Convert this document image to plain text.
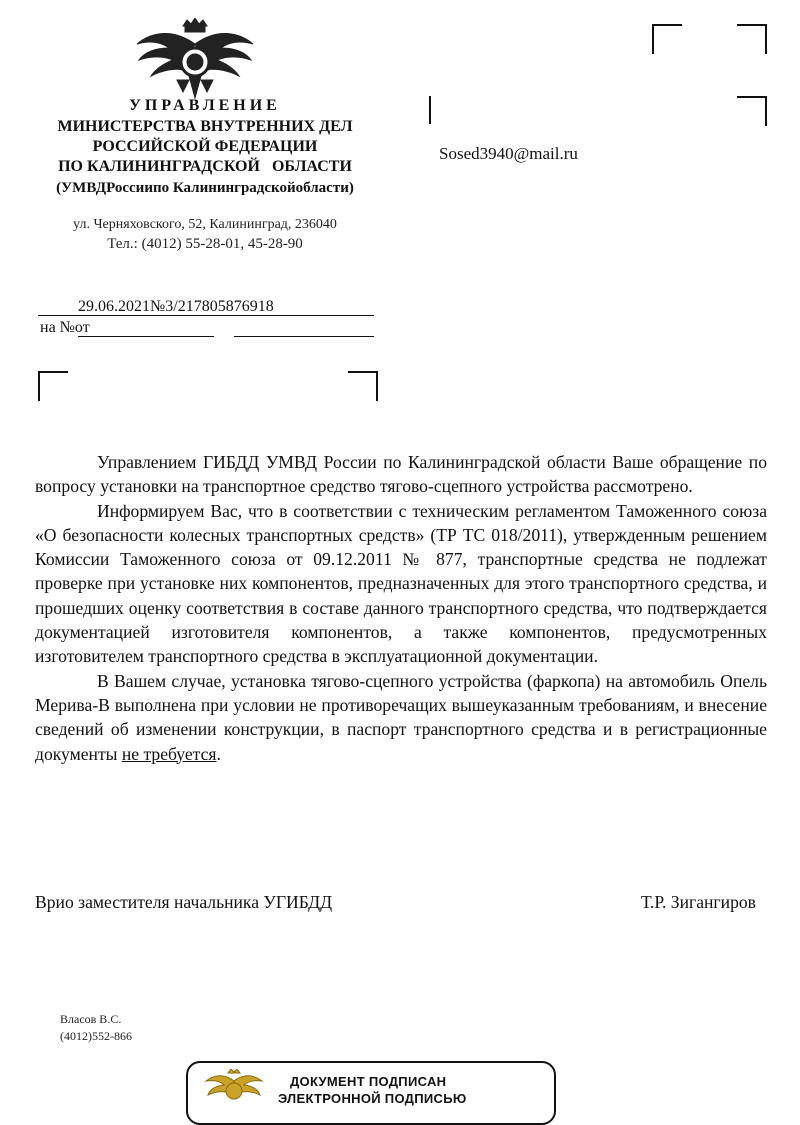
УПРАВЛЕНИЕ
МИНИСТЕРСТВА ВНУТРЕННИХ ДЕЛ
РОССИЙСКОЙ ФЕДЕРАЦИИ
ПО КАЛИНИНГРАДСКОЙ   ОБЛАСТИ
(УМВДРоссиипо Калининградскойобласти)
ул. Черняховского, 52, Калининград, 236040
Тел.: (4012) 55-28-01, 45-28-90
Sosed3940@mail.ru
29.06.2021№3/217805876918
на №от

Управлением ГИБДД УМВД России по Калининградской области Ваше обращение по вопросу установки на транспортное средство тягово-сцепного устройства рассмотрено.

Информируем Вас, что в соответствии с техническим регламентом Таможенного союза «О безопасности колесных транспортных средств» (ТР ТС 018/2011), утвержденным решением Комиссии Таможенного союза от 09.12.2011 № 877, транспортные средства не подлежат проверке при установке них компонентов, предназначенных для этого транспортного средства, и прошедших оценку соответствия в составе данного транспортного средства, что подтверждается документацией изготовителя компонентов, а также компонентов, предусмотренных изготовителем транспортного средства в эксплуатационной документации.

В Вашем случае, установка тягово-сцепного устройства (фаркопа) на автомобиль Опель Мерива-В выполнена при условии не противоречащих вышеуказанным требованиям, и внесение сведений об изменении конструкции, в паспорт транспортного средства и в регистрационные документы не требуется.

Врио заместителя начальника УГИБДД	Т.Р. Зигангиров
Власов В.С.
(4012)552-866
ДОКУМЕНТ ПОДПИСАН
ЭЛЕКТРОННОЙ ПОДПИСЬЮ
